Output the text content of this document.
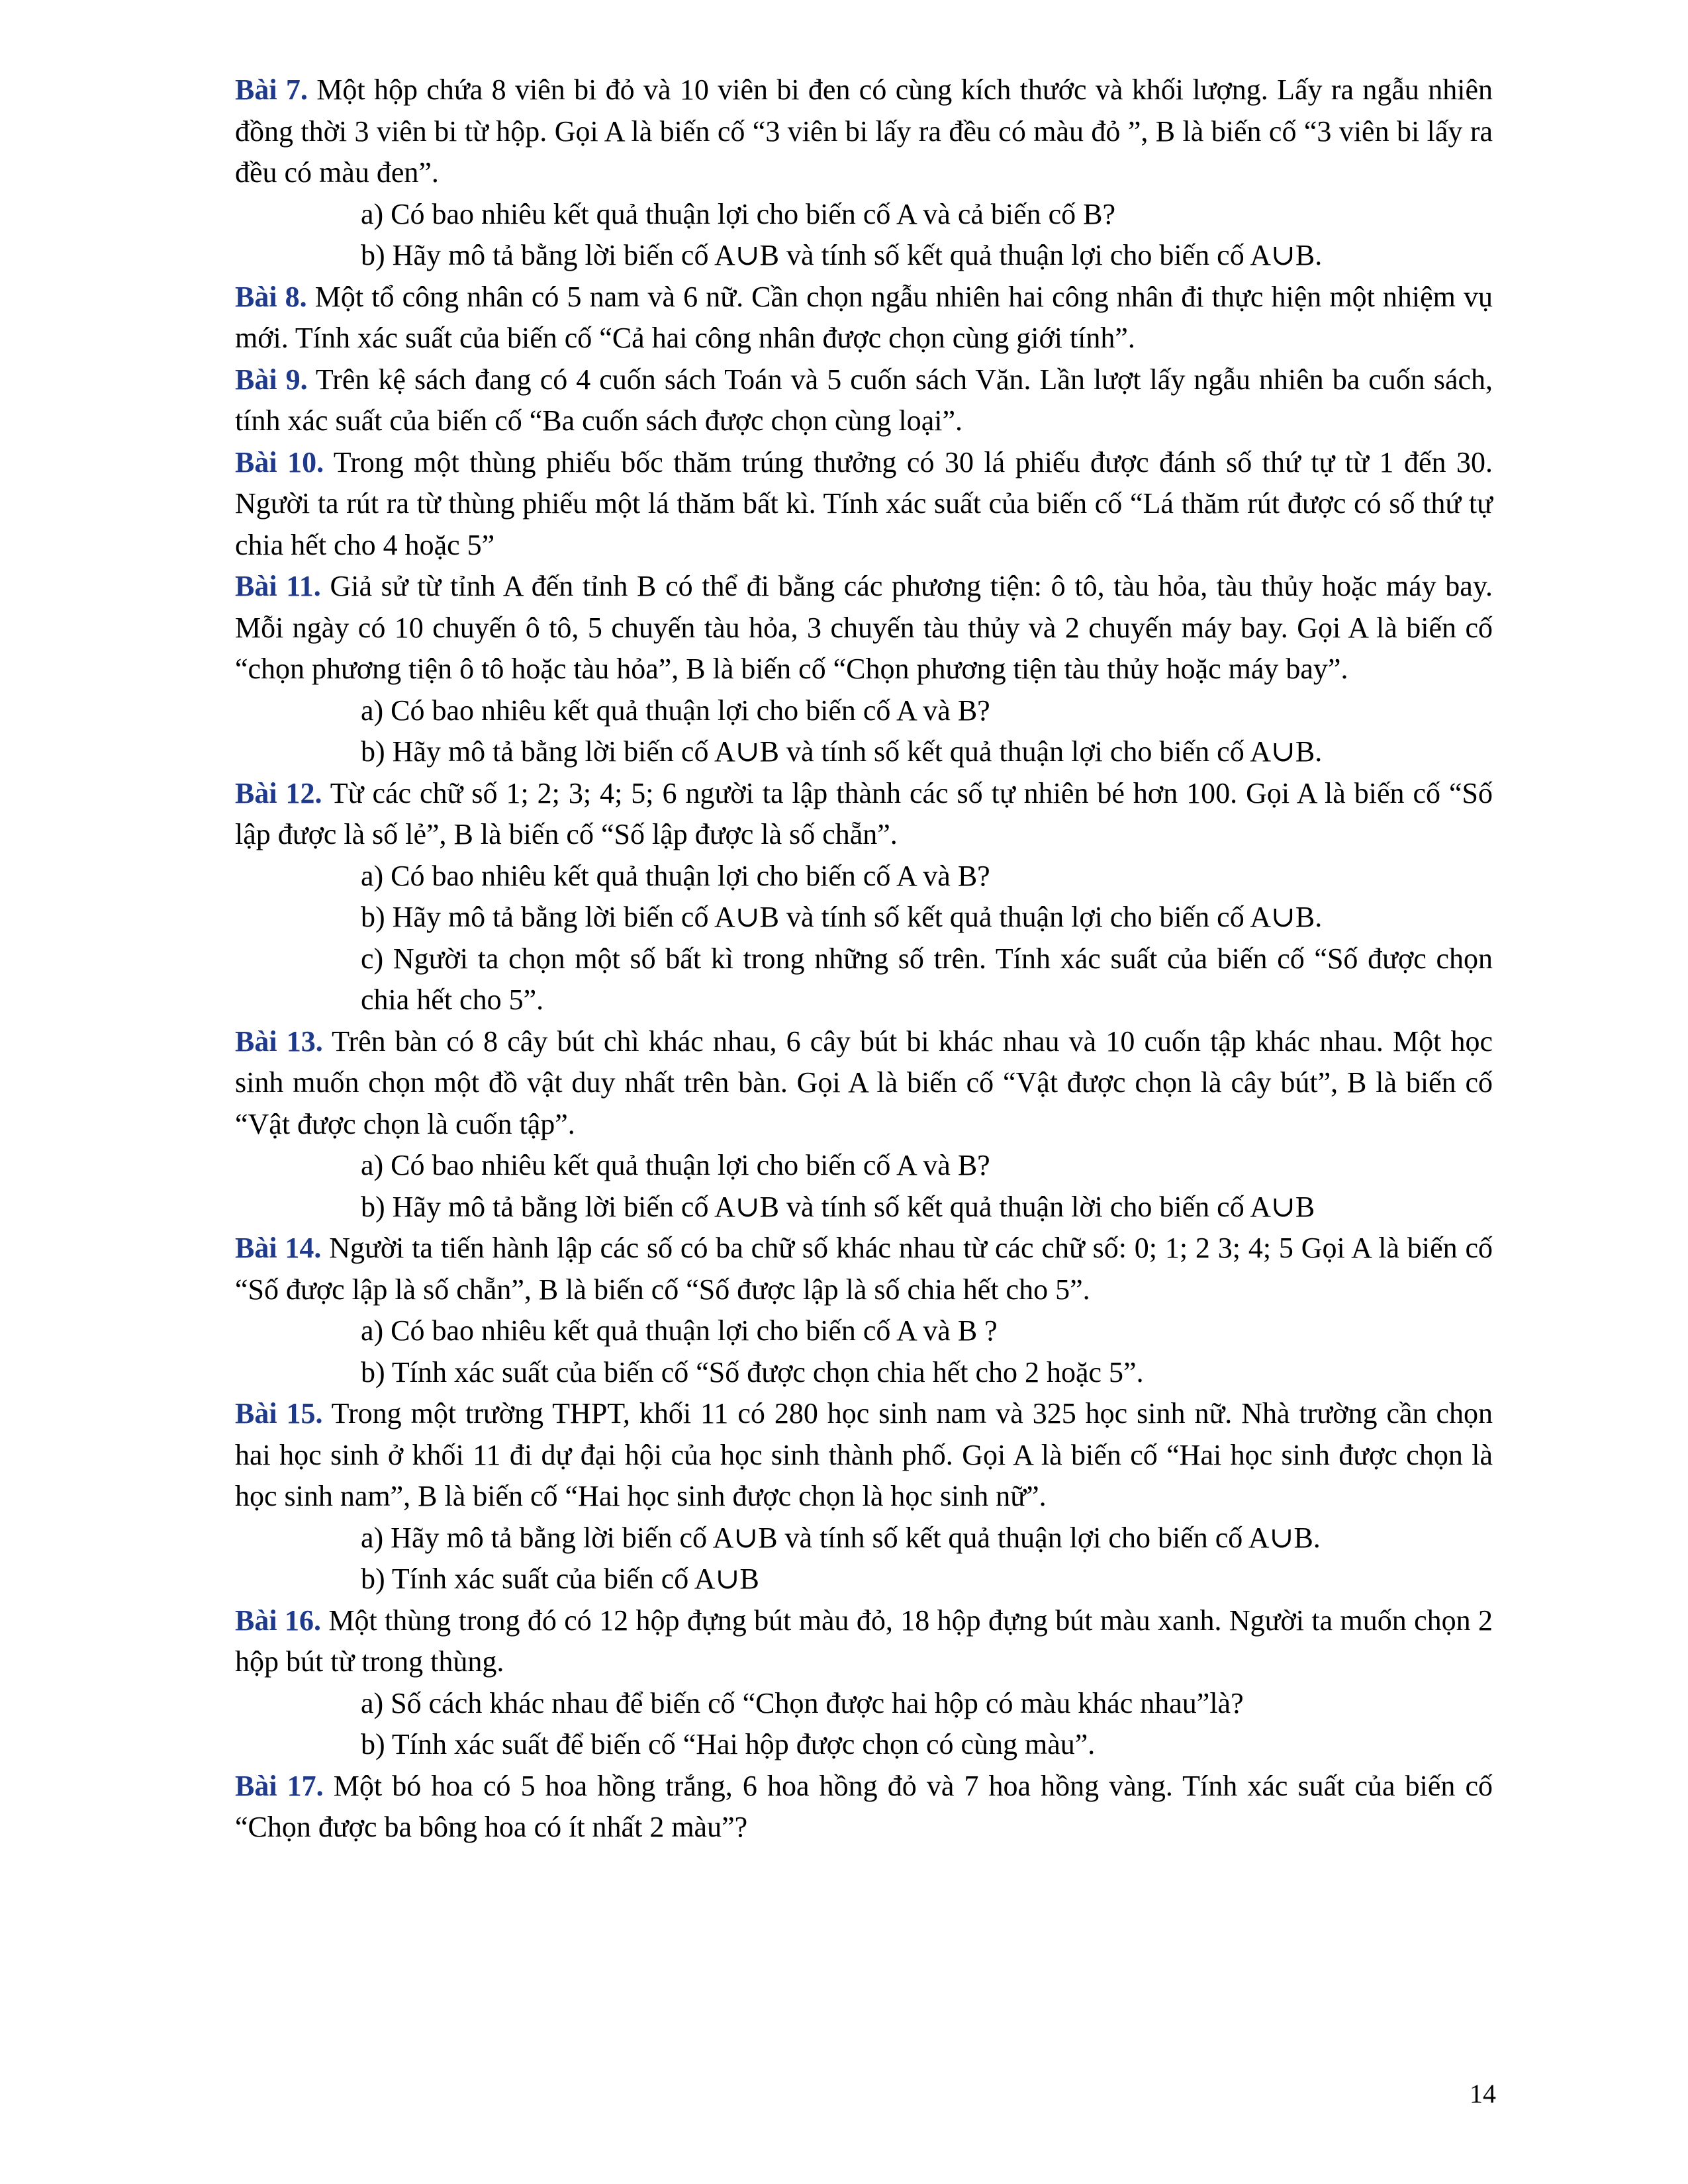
Bài 7. Một hộp chứa 8 viên bi đỏ và 10 viên bi đen có cùng kích thước và khối lượng. Lấy ra ngẫu nhiên đồng thời 3 viên bi từ hộp. Gọi A là biến cố “3 viên bi lấy ra đều có màu đỏ ”, B là biến cố “3 viên bi lấy ra đều có màu đen”.

a) Có bao nhiêu kết quả thuận lợi cho biến cố A và cả biến cố B?

b) Hãy mô tả bằng lời biến cố A∪B và tính số kết quả thuận lợi cho biến cố A∪B.

Bài 8. Một tổ công nhân có 5 nam và 6 nữ. Cần chọn ngẫu nhiên hai công nhân đi thực hiện một nhiệm vụ mới. Tính xác suất của biến cố “Cả hai công nhân được chọn cùng giới tính”.

Bài 9. Trên kệ sách đang có 4 cuốn sách Toán và 5 cuốn sách Văn. Lần lượt lấy ngẫu nhiên ba cuốn sách, tính xác suất của biến cố “Ba cuốn sách được chọn cùng loại”.

Bài 10. Trong một thùng phiếu bốc thăm trúng thưởng có 30 lá phiếu được đánh số thứ tự từ 1 đến 30. Người ta rút ra từ thùng phiếu một lá thăm bất kì. Tính xác suất của biến cố “Lá thăm rút được có số thứ tự chia hết cho 4 hoặc 5”

Bài 11. Giả sử từ tỉnh A đến tỉnh B có thể đi bằng các phương tiện: ô tô, tàu hỏa, tàu thủy hoặc máy bay. Mỗi ngày có 10 chuyến ô tô, 5 chuyến tàu hỏa, 3 chuyến tàu thủy và 2 chuyến máy bay. Gọi A là biến cố “chọn phương tiện ô tô hoặc tàu hỏa”, B là biến cố “Chọn phương tiện tàu thủy hoặc máy bay”.

a) Có bao nhiêu kết quả thuận lợi cho biến cố A và B?

b) Hãy mô tả bằng lời biến cố A∪B và tính số kết quả thuận lợi cho biến cố A∪B.

Bài 12. Từ các chữ số 1; 2; 3; 4; 5; 6 người ta lập thành các số tự nhiên bé hơn 100. Gọi A là biến cố “Số lập được là số lẻ”, B là biến cố “Số lập được là số chẵn”.

a) Có bao nhiêu kết quả thuận lợi cho biến cố A và B?

b) Hãy mô tả bằng lời biến cố A∪B và tính số kết quả thuận lợi cho biến cố A∪B.

c) Người ta chọn một số bất kì trong những số trên. Tính xác suất của biến cố “Số được chọn chia hết cho 5”.

Bài 13. Trên bàn có 8 cây bút chì khác nhau, 6 cây bút bi khác nhau và 10 cuốn tập khác nhau. Một học sinh muốn chọn một đồ vật duy nhất trên bàn. Gọi A là biến cố “Vật được chọn là cây bút”, B là biến cố “Vật được chọn là cuốn tập”.

a) Có bao nhiêu kết quả thuận lợi cho biến cố A và B?

b) Hãy mô tả bằng lời biến cố A∪B và tính số kết quả thuận lời cho biến cố A∪B

Bài 14. Người ta tiến hành lập các số có ba chữ số khác nhau từ các chữ số: 0; 1; 2 3; 4; 5 Gọi A là biến cố “Số được lập là số chẵn”, B là biến cố “Số được lập là số chia hết cho 5”.

a) Có bao nhiêu kết quả thuận lợi cho biến cố A và B ?

b) Tính xác suất của biến cố “Số được chọn chia hết cho 2 hoặc 5”.

Bài 15. Trong một trường THPT, khối 11 có 280 học sinh nam và 325 học sinh nữ. Nhà trường cần chọn hai học sinh ở khối 11 đi dự đại hội của học sinh thành phố. Gọi A là biến cố “Hai học sinh được chọn là học sinh nam”, B là biến cố “Hai học sinh được chọn là học sinh nữ”.

a) Hãy mô tả bằng lời biến cố A∪B và tính số kết quả thuận lợi cho biến cố A∪B.

b) Tính xác suất của biến cố A∪B

Bài 16. Một thùng trong đó có 12 hộp đựng bút màu đỏ, 18 hộp đựng bút màu xanh. Người ta muốn chọn 2 hộp bút từ trong thùng.

a) Số cách khác nhau để biến cố “Chọn được hai hộp có màu khác nhau”là?

b) Tính xác suất để biến cố “Hai hộp được chọn có cùng màu”.

Bài 17. Một bó hoa có 5 hoa hồng trắng, 6 hoa hồng đỏ và 7 hoa hồng vàng. Tính xác suất của biến cố “Chọn được ba bông hoa có ít nhất 2 màu”?

14
